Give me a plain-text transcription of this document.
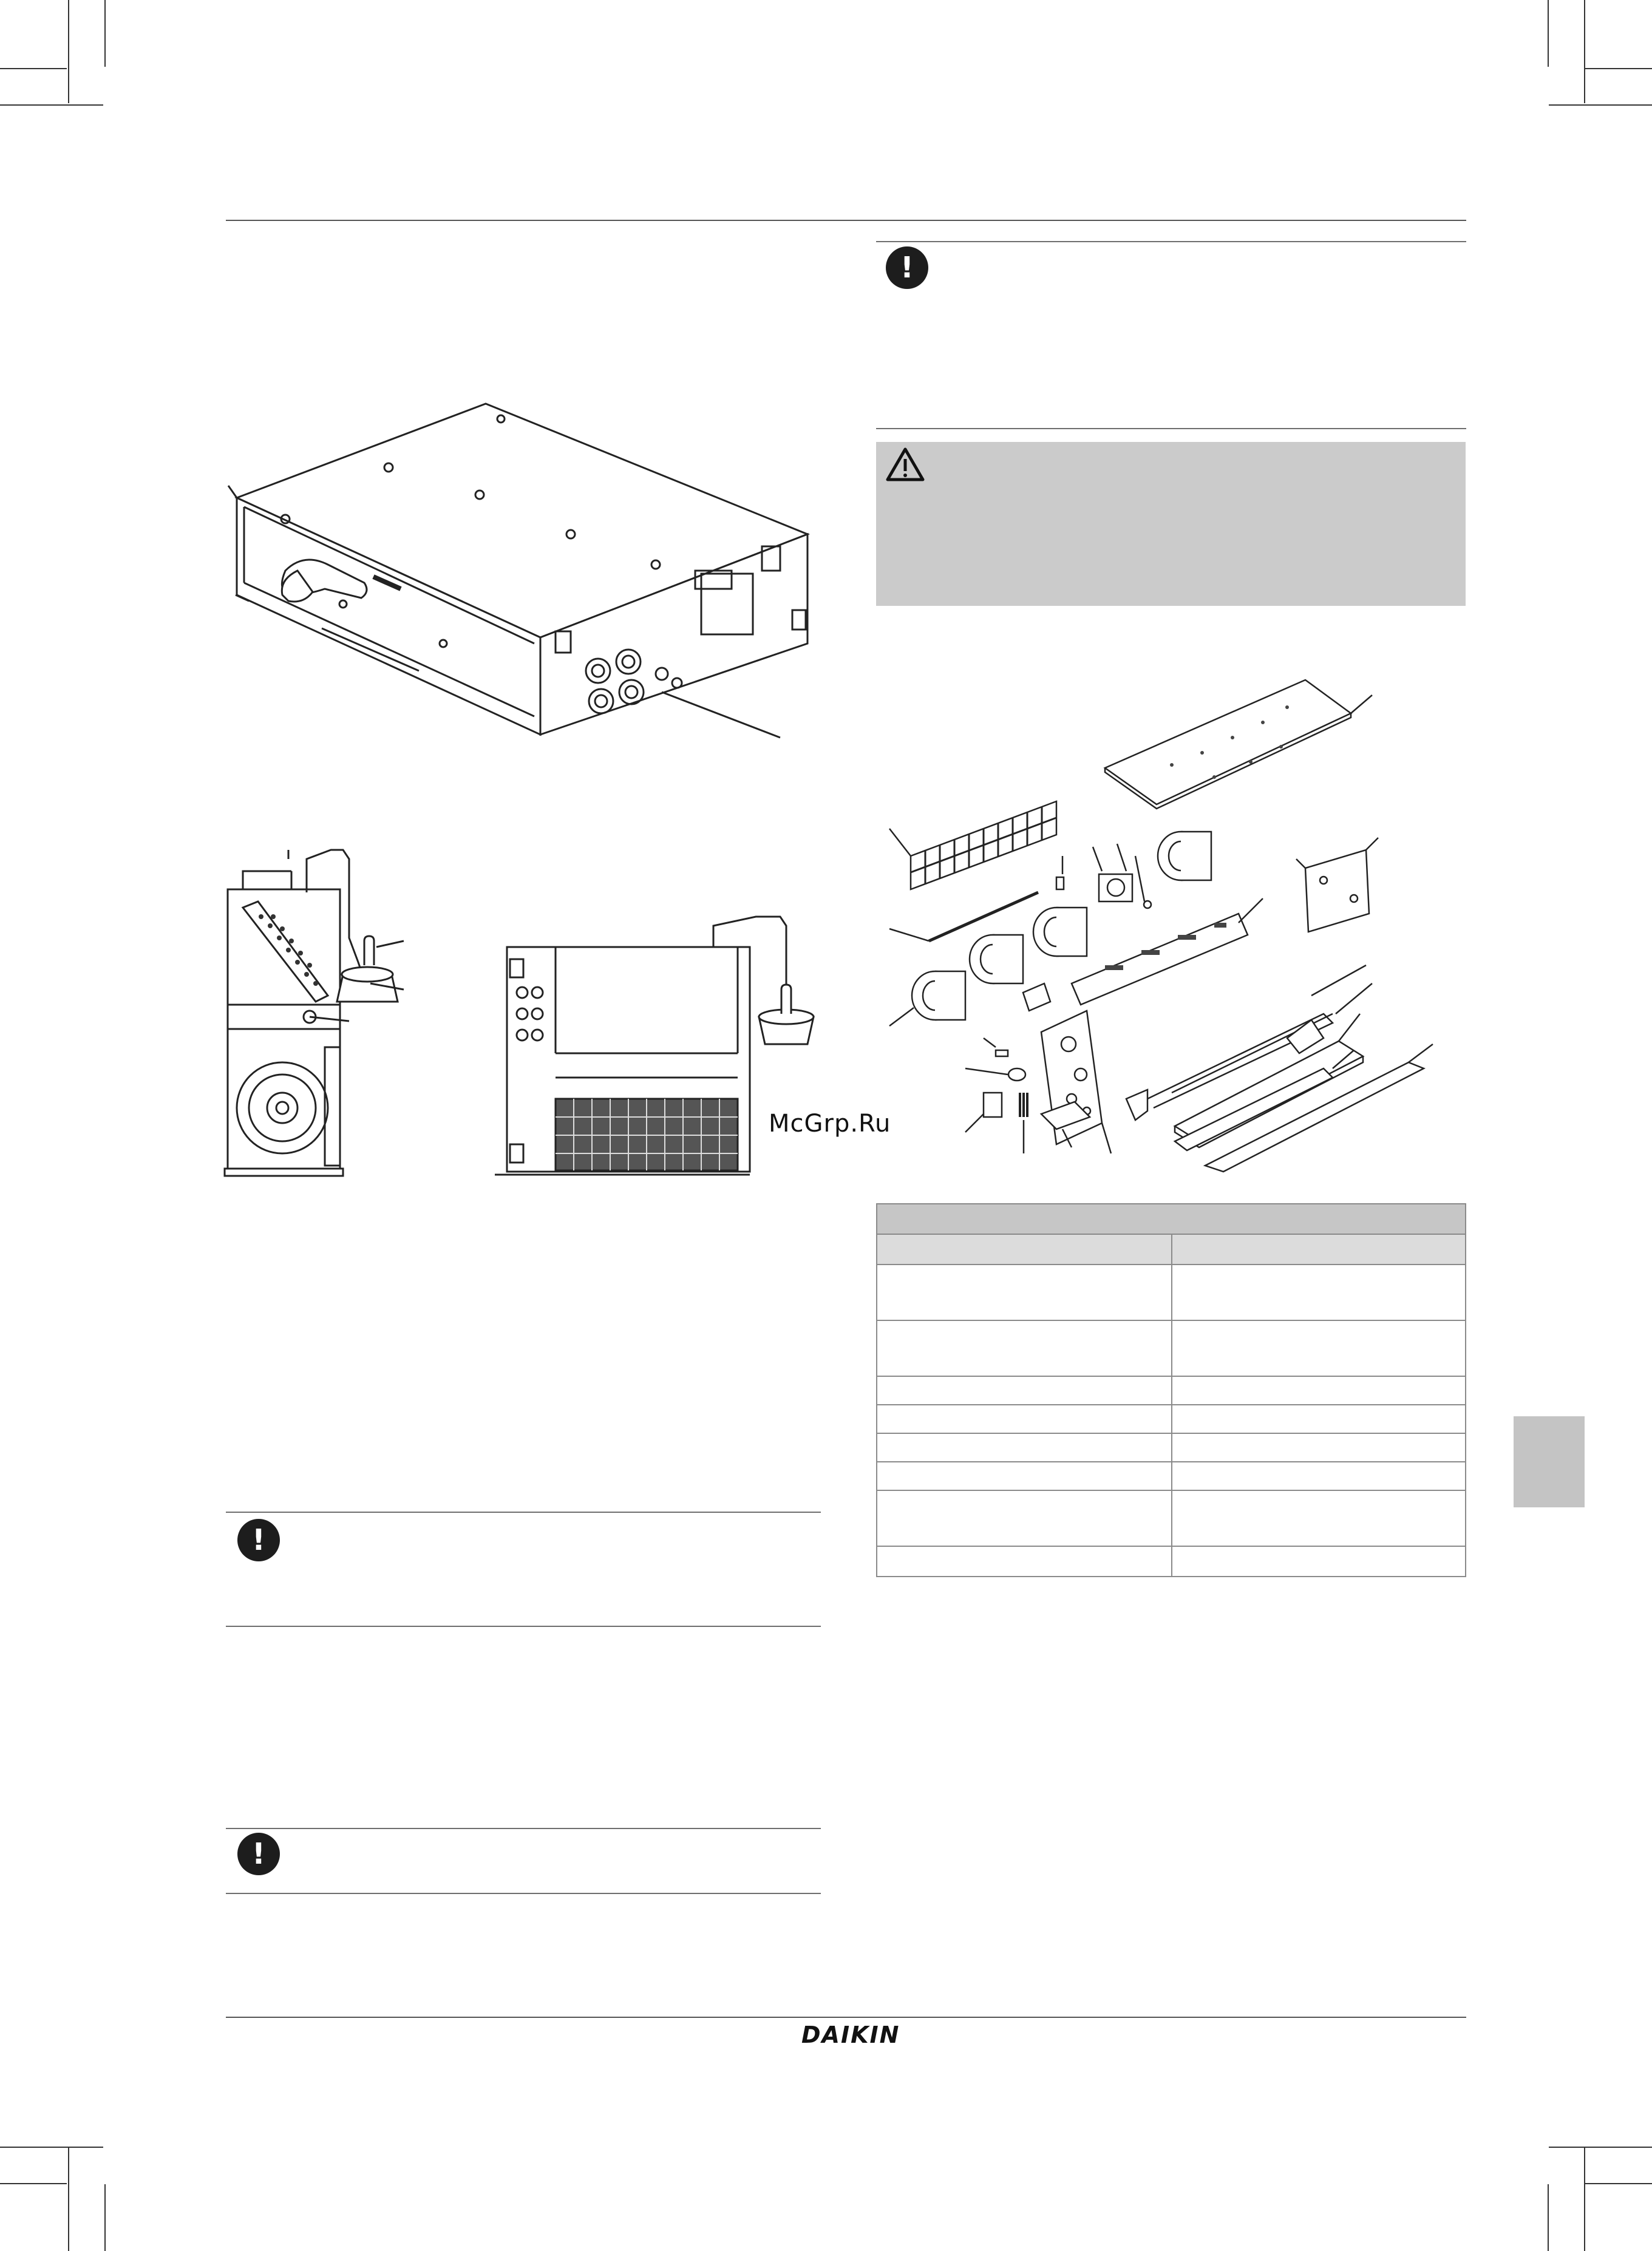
!
!
!
McGrp.Ru

DAIKIN
